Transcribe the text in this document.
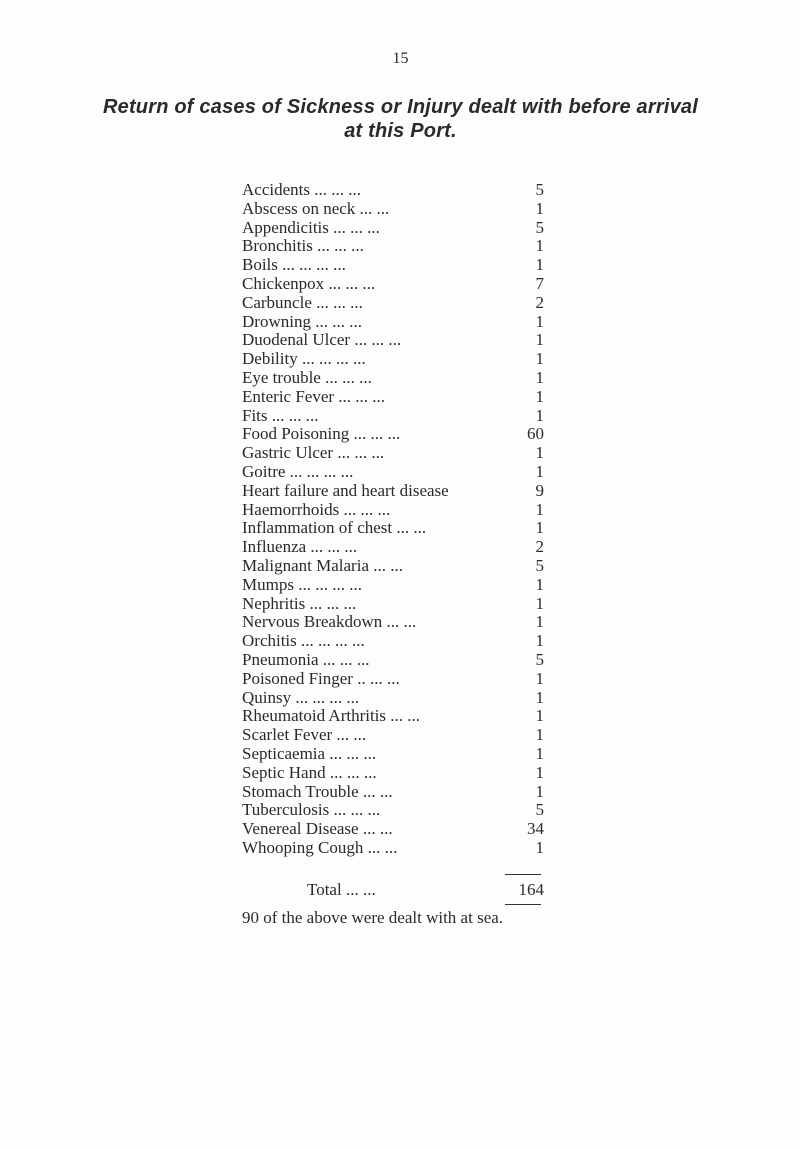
15
Return of cases of Sickness or Injury dealt with before arrival
at this Port.
Accidents ... ... ...	5
Abscess on neck ... ...	1
Appendicitis ... ... ...	5
Bronchitis ... ... ...	1
Boils ... ... ... ...	1
Chickenpox ... ... ...	7
Carbuncle ... ... ...	2
Drowning ... ... ...	1
Duodenal Ulcer ... ... ...	1
Debility ... ... ... ...	1
Eye trouble ... ... ...	1
Enteric Fever ... ... ...	1
Fits ... ... ...	1
Food Poisoning ... ... ...	60
Gastric Ulcer ... ... ...	1
Goitre ... ... ... ...	1
Heart failure and heart disease	9
Haemorrhoids ... ... ...	1
Inflammation of chest ... ...	1
Influenza ... ... ...	2
Malignant Malaria ... ...	5
Mumps ... ... ... ...	1
Nephritis ... ... ...	1
Nervous Breakdown ... ...	1
Orchitis ... ... ... ...	1
Pneumonia ... ... ...	5
Poisoned Finger .. ... ...	1
Quinsy ... ... ... ...	1
Rheumatoid Arthritis ... ...	1
Scarlet Fever ... ...	1
Septicaemia ... ... ...	1
Septic Hand ... ... ...	1
Stomach Trouble ... ...	1
Tuberculosis ... ... ...	5
Venereal Disease ... ...	34
Whooping Cough ... ...	1
Total ... ...	164
90 of the above were dealt with at sea.
